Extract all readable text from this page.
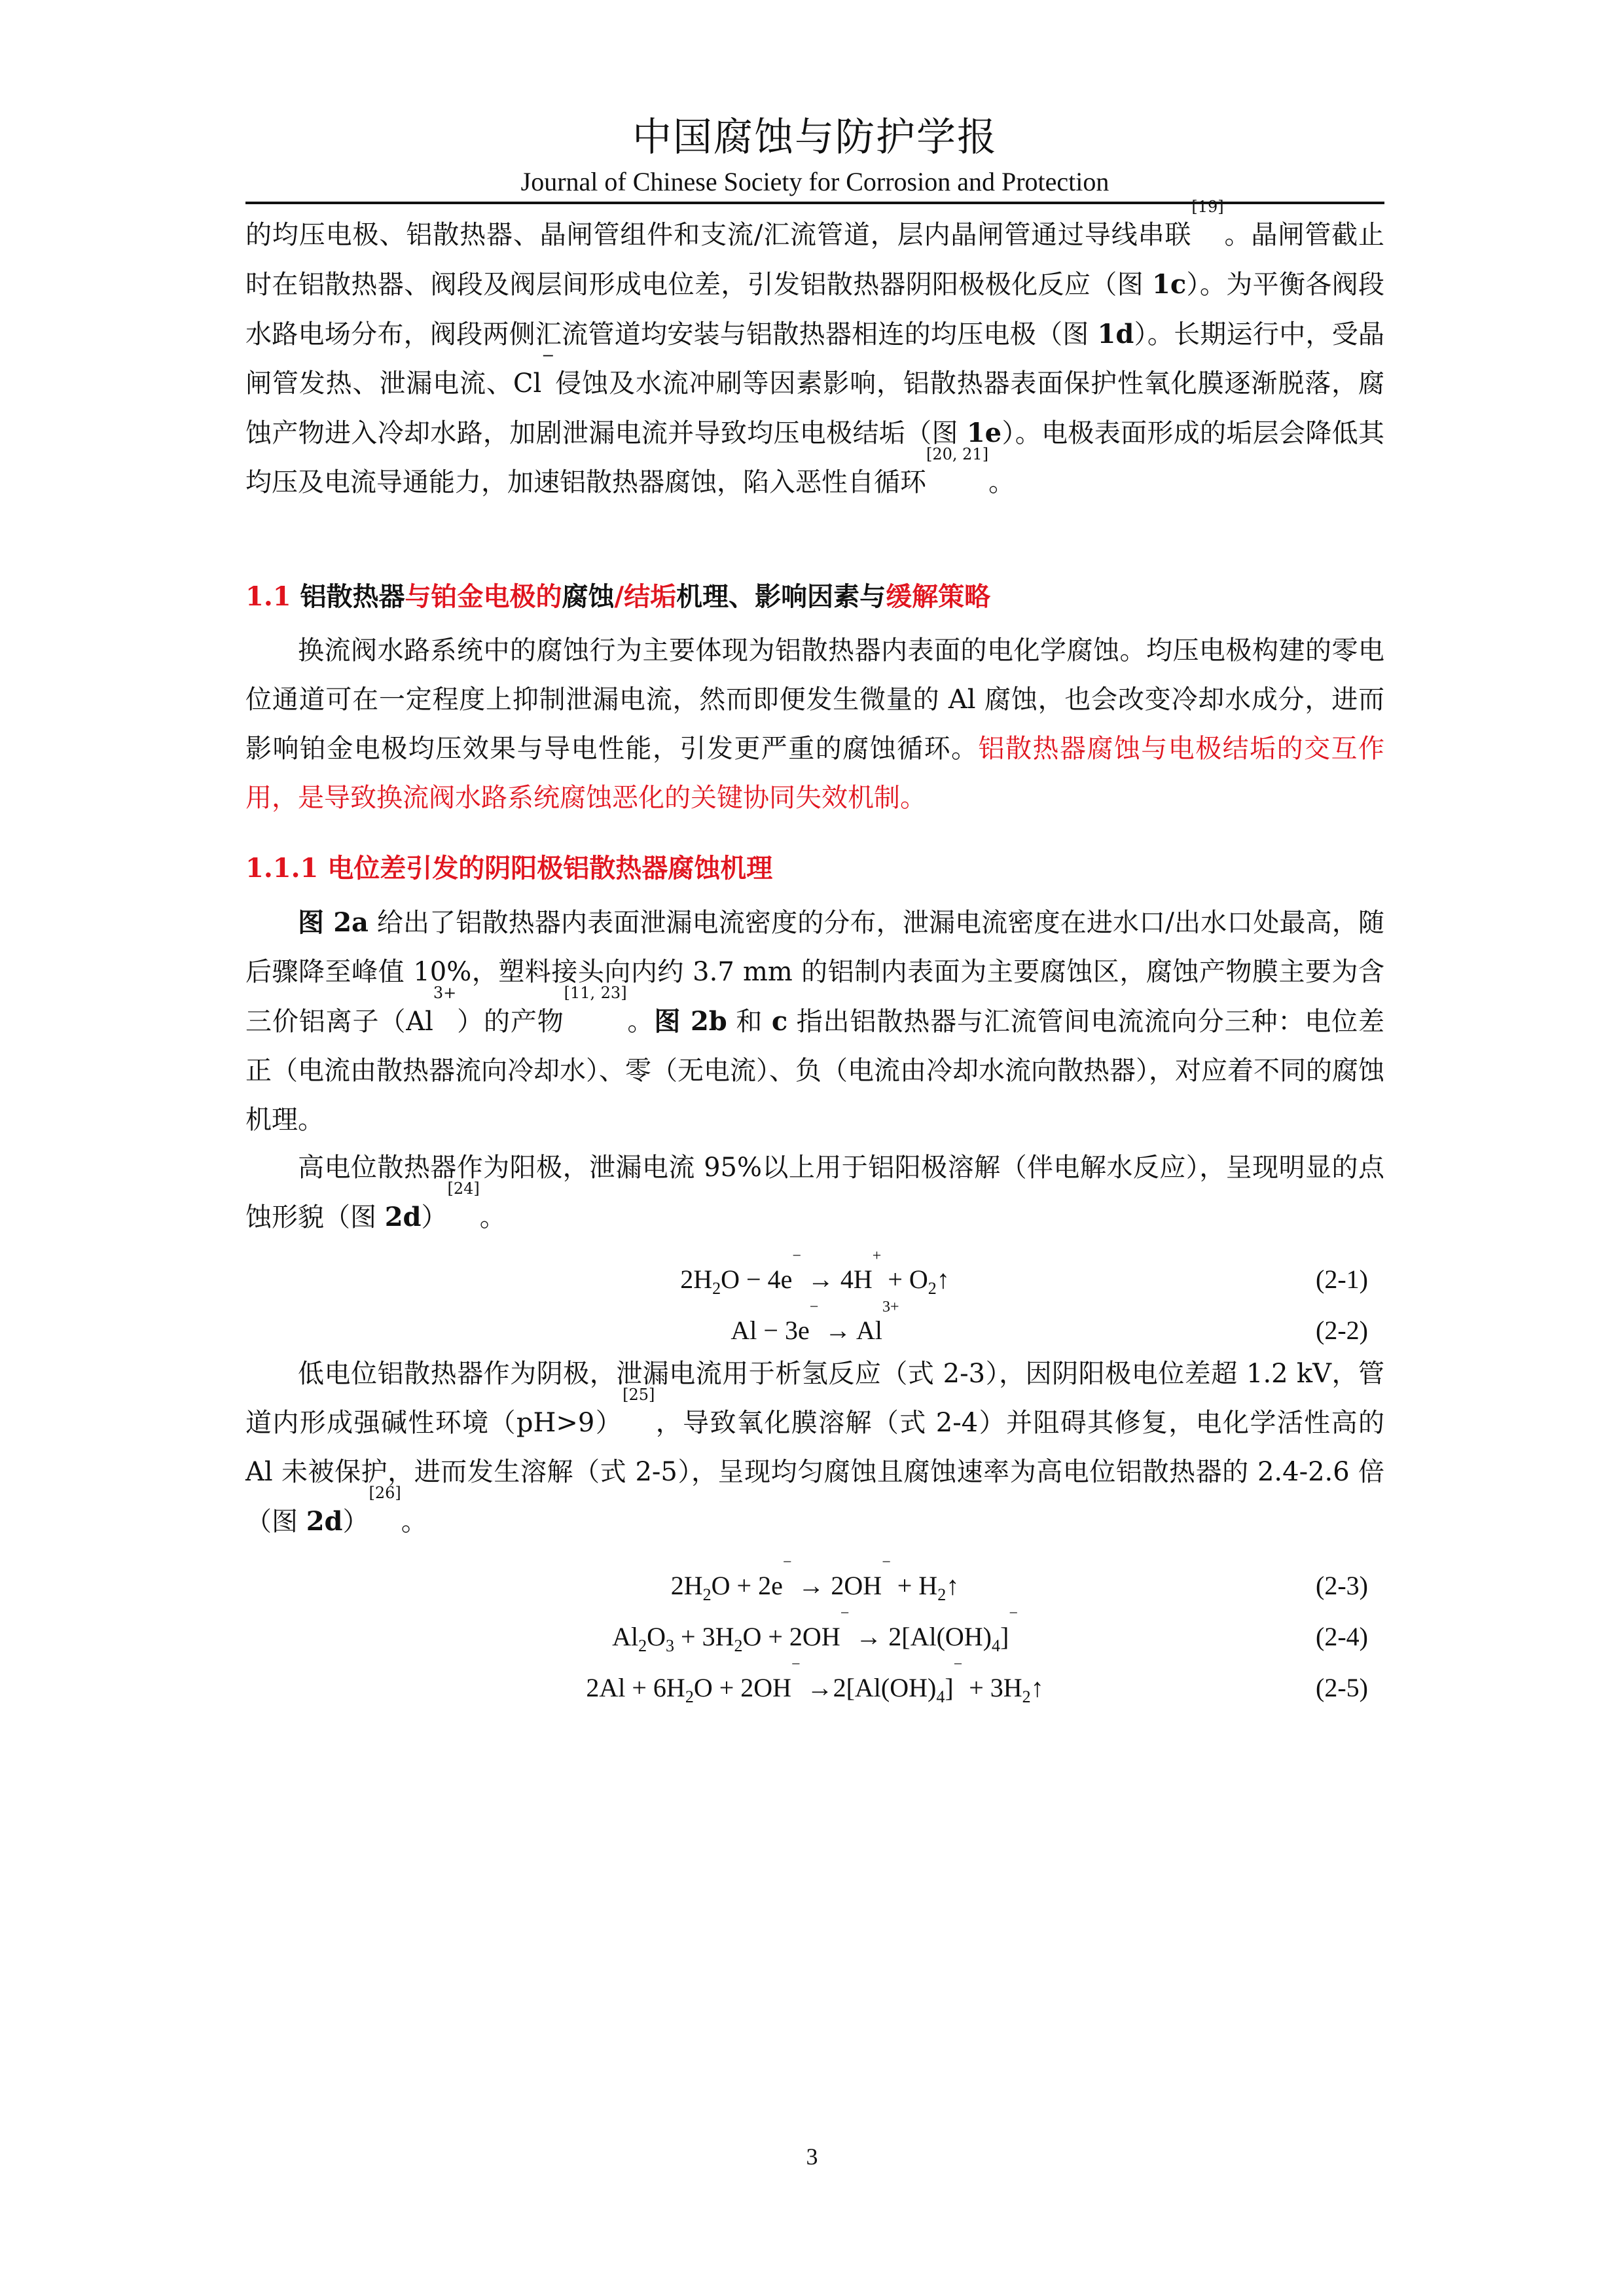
中国腐蚀与防护学报
Journal of Chinese Society for Corrosion and Protection
的均压电极、铝散热器、晶闸管组件和支流/汇流管道，层内晶闸管通过导线串联[19]。晶闸管截止时在铝散热器、阀段及阀层间形成电位差，引发铝散热器阴阳极极化反应（图 1c）。为平衡各阀段水路电场分布，阀段两侧汇流管道均安装与铝散热器相连的均压电极（图 1d）。长期运行中，受晶闸管发热、泄漏电流、Cl−侵蚀及水流冲刷等因素影响，铝散热器表面保护性氧化膜逐渐脱落，腐蚀产物进入冷却水路，加剧泄漏电流并导致均压电极结垢（图 1e）。电极表面形成的垢层会降低其均压及电流导通能力，加速铝散热器腐蚀，陷入恶性自循环[20, 21]。
1.1 铝散热器与铂金电极的腐蚀/结垢机理、影响因素与缓解策略
换流阀水路系统中的腐蚀行为主要体现为铝散热器内表面的电化学腐蚀。均压电极构建的零电位通道可在一定程度上抑制泄漏电流，然而即便发生微量的 Al 腐蚀，也会改变冷却水成分，进而影响铂金电极均压效果与导电性能，引发更严重的腐蚀循环。铝散热器腐蚀与电极结垢的交互作用，是导致换流阀水路系统腐蚀恶化的关键协同失效机制。
1.1.1 电位差引发的阴阳极铝散热器腐蚀机理
图 2a 给出了铝散热器内表面泄漏电流密度的分布，泄漏电流密度在进水口/出水口处最高，随后骤降至峰值 10%，塑料接头向内约 3.7 mm 的铝制内表面为主要腐蚀区，腐蚀产物膜主要为含三价铝离子$(Al^{3+})$的产物[11, 23]。图 2b 和 c 指出铝散热器与汇流管间电流流向分三种：电位差正（电流由散热器流向冷却水）、零（无电流）、负（电流由冷却水流向散热器），对应着不同的腐蚀机理。
高电位散热器作为阳极，泄漏电流 95%以上用于铝阳极溶解（伴电解水反应），呈现明显的点蚀形貌（图 2d）[24]。
$2H_2O - 4e^- \to 4H^+$ + $O_2↑$	(2-1)
$Al - 3e^- \to Al^{3+}$
(2-2)
低电位铝散热器作为阴极，泄漏电流用于析氢反应（式 2-3），因阴阳极电位差超 1.2 kV，管道内形成强碱性环境（pH>9）[25]，导致氧化膜溶解（式 2-4）并阻碍其修复，电化学活性高的 Al 未被保护，进而发生溶解（式 2-5），呈现均匀腐蚀且腐蚀速率为高电位铝散热器的 2.4-2.6 倍（图 2d）[26]。
$2H_2O + 2e^- \to 2OH^-$ + $H_2↑$	(2-3)
$Al_2O_3 + 3H_2O + 2OH^- \to 2[Al(OH)_4]^-$
(2-4)
$2Al + 6H_2O + 2OH^- \to 2[Al(OH)_4]^-$ + $3H_2↑$	(2-5)
3
